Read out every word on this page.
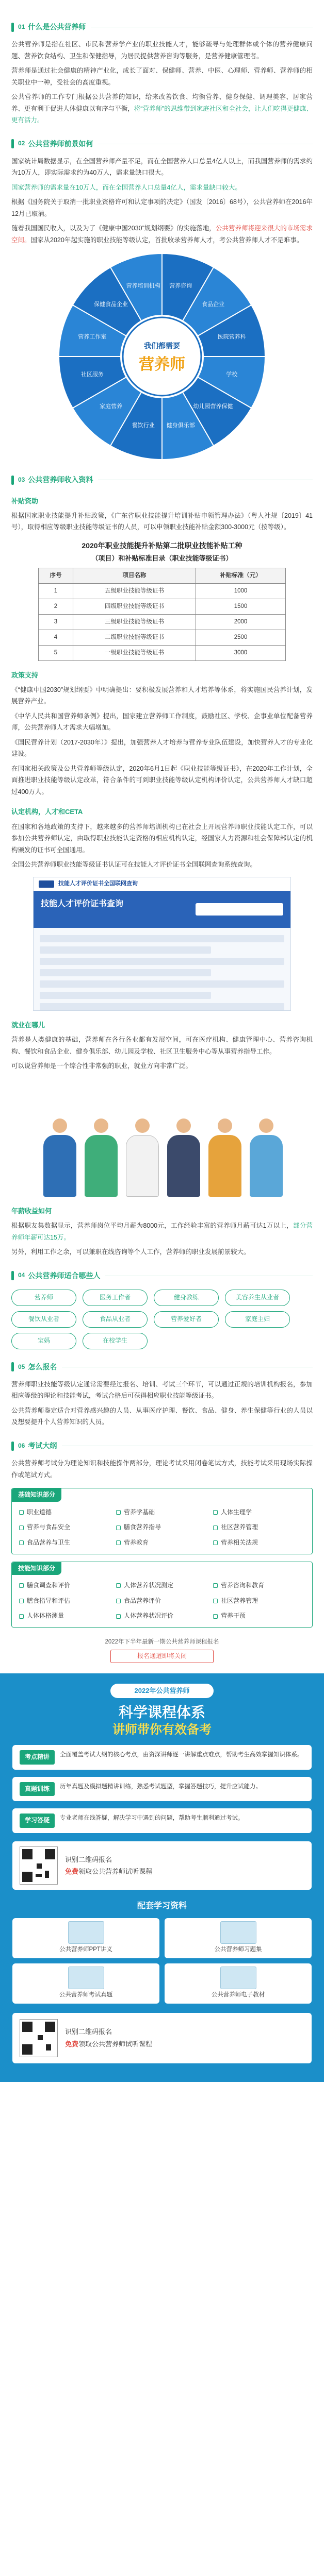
01 什么是公共营养师

公共营养师是指在社区、市民和营养学产业的职业技能人才，能够疏导与处理群体或个体的营养健康问题、营养饮食结构、卫生和保健指导，为居民提供营养咨询等服务，是营养健康管理者。

营养师是通过社会健康的精神产业化，成长了面对、保健师、营养、中医、心理师、营养师、营养师的相关职业中一种，受社会的高度重视。

公共营养师的工作专门根据公共营养的知识，给来改善饮食、均衡营养、健身保健、调理美容、居家营养、更有利于促进人体健康以有序与平衡，将“营养师”的思维带到家庭社区和全社会，让人们吃得更健康、更有活力。

02 公共营养师前景如何

国家统计局数据显示，在全国营养师产量不足，而在全国营养人口总量4亿人以上，而我国营养师的需求约为10万人，即实际需求约为40万人，需求量缺口很大。

国家营养师的需求量在10万人，而在全国营养人口总量4亿人，需求量缺口较大。

根据《国务院关于取消一批职业资格许可和认定事项的决定》（国发〔2016〕68号），公共营养师在2016年12月已取消。

随着我国国民收入，以及为了《健康中国2030”规划纲要》的实施落地，公共营养师将迎来很大的市场需求空间。国家从2020年起实施的职业技能等级认定，首批收录营养师人才，考公共营养师人才不是难事。

营养咨询
食品企业
医院营养科
学校
幼儿园营养保健
健身俱乐部
餐饮行业
家庭营养
社区服务
营养工作室
保健食品企业
营养培训机构
我们都需要
营养师
03 公共营养师收入资料
补贴资助

根据国家职业技能提升补贴政策，《广东省职业技能提升培训补贴申领管理办法》（粤人社规〔2019〕41号），取得相应等级职业技能等级证书的人员，可以申领职业技能补贴金额300-3000元（按等级）。

2020年职业技能提升补贴第二批职业技能补贴工种
（项目）和补贴标准目录（职业技能等级证书）
序号	项目名称	补贴标准（元）
1	五级职业技能等级证书	1000
2	四级职业技能等级证书	1500
3	三级职业技能等级证书	2000
4	二级职业技能等级证书	2500
5	一级职业技能等级证书	3000
政策支持

《“健康中国2030”规划纲要》中明确提出：要积极发展营养和人才培养等体系，将实施国民营养计划，发展营养产业。

《中华人民共和国营养师条例》提出，国家建立营养师工作制度，鼓励社区、学校、企事业单位配备营养师，公共营养师人才需求大幅增加。

《国民营养计划（2017-2030年）》提出，加强营养人才培养与营养专业队伍建设，加快营养人才的专业化建设。

在国家相关政策及公共营养师等级认定，2020年6月1日起《职业技能等级证书》，在2020年工作计划，全面推进职业技能等级认定改革，符合条件的可到职业技能等级认定机构评价认定，公共营养师人才缺口超过400万人。

认定机构，人才和CETA

在国家和各地政策的支持下，越来越多的营养师培训机构已在社会上开展营养师职业技能认定工作，可以参加公共营养师认定，由取得职业技能认定资格的相应机构认定，经国家人力资源和社会保障部认定的机构颁发的证书可全国通用。

全国公共营养师职业技能等级证书认证可在技能人才评价证书全国联网查询系统查询。

技能人才评价证书全国联网查询
技能人才评价证书查询
就业在哪儿

营养是人类健康的基础，营养师在各行各业都有发展空间，可在医疗机构、健康管理中心、营养咨询机构、餐饮和食品企业、健身俱乐部、幼儿园及学校、社区卫生服务中心等从事营养指导工作。

可以说营养师是一个综合性非常强的职业，就业方向非常广泛。

年薪收益如何

根据职友集数据显示，营养师岗位平均月薪为8000元，工作经验丰富的营养师月薪可达1万以上，部分营养师年薪可达15万。

另外，利用工作之余，可以兼职在线咨询等个人工作，营养师的职业发展前景较大。

04 公共营养师适合哪些人
营养师	医务工作者	健身教练	美容养生从业者
餐饮从业者	食品从业者	营养爱好者	家庭主妇
宝妈	在校学生
05 怎么报名

营养师职业技能等级认定通常需要经过报名、培训、考试三个环节，可以通过正规的培训机构报名，参加相应等级的理论和技能考试，考试合格后可获得相应职业技能等级证书。

公共营养师鉴定适合对营养感兴趣的人员、从事医疗护理、餐饮、食品、健身、养生保健等行业的人员以及想要提升个人营养知识的人员。

06 考试大纲

公共营养师考试分为理论知识和技能操作两部分，理论考试采用闭卷笔试方式，技能考试采用现场实际操作或笔试方式。

基础知识部分
职业道德	营养学基础	人体生理学
营养与食品安全	膳食营养指导	社区营养管理
食品营养与卫生	营养教育	营养相关法规
技能知识部分
膳食调查和评价	人体营养状况测定	营养咨询和教育
膳食指导和评估	食品营养评价	社区营养管理
人体体格测量	人体营养状况评价	营养干预
2022年下半年最新一期公共营养师课程报名
报名通道即将关闭
2022年公共营养师
科学课程体系
讲师带你有效备考
考点精讲	全面覆盖考试大纲的核心考点，由资深讲师逐一讲解重点难点，帮助考生高效掌握知识体系。
真题训练	历年真题及模拟题精讲训练，熟悉考试题型，掌握答题技巧，提升应试能力。
学习答疑	专业老师在线答疑，解决学习中遇到的问题，帮助考生顺利通过考试。
识别二维码报名
免费领取公共营养师试听课程
配套学习资料
公共营养师PPT讲义	公共营养师习题集
公共营养师考试真题	公共营养师电子教材
识别二维码报名
免费领取公共营养师试听课程
